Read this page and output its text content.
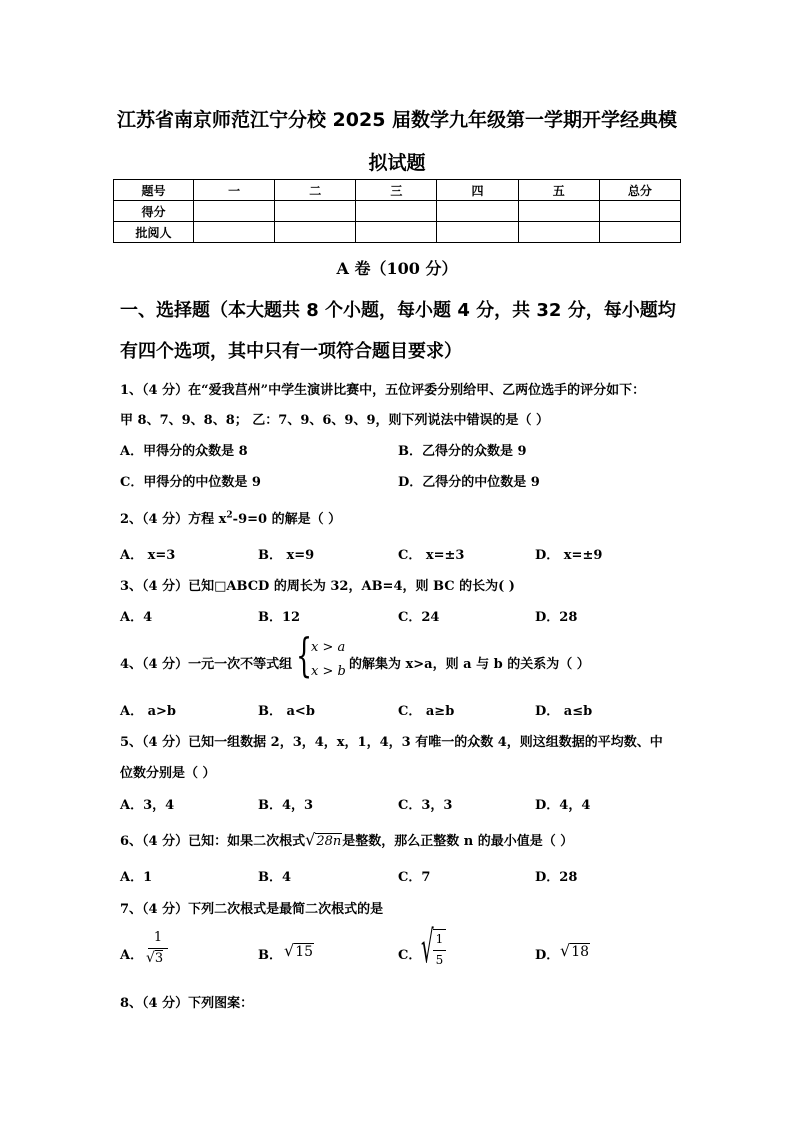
江苏省南京师范江宁分校 2025 届数学九年级第一学期开学经典模
拟试题
题号	一	二	三	四	五	总分
得分						
批阅人						
A 卷（100 分）
一、选择题（本大题共 8 个小题，每小题 4 分，共 32 分，每小题均
有四个选项，其中只有一项符合题目要求）
1、（4 分）在“爱我莒州”中学生演讲比赛中，五位评委分别给甲、乙两位选手的评分如下：
甲 8、7、9、8、8； 乙：7、9、6、9、9，则下列说法中错误的是（ ）
A．甲得分的众数是 8	B．乙得分的众数是 9
C．甲得分的中位数是 9	D．乙得分的中位数是 9
2、（4 分）方程 $x^2-9=0$ 的解是（ ）
A． x=3	B． x=9	C． x=±3	D． x=±9
3、（4 分）已知□ABCD 的周长为 32，AB=4，则 BC 的长为( )
A．4	B．12	C．24	D．28
4、（4 分）一元一次不等式组 {
x > a
x > b 的解集为 x>a，则 a 与 b 的关系为（ ）
A． a>b	B． a<b	C． a≥b	D． a≤b
5、（4 分）已知一组数据 2，3，4，x，1，4，3 有唯一的众数 4，则这组数据的平均数、中
位数分别是（ ）
A．3，4	B．4，3	C．3，3	D．4，4
6、（4 分）已知：如果二次根式√28n是整数，那么正整数 n 的最小值是（ ）
A．1	B．4	C．7	D．28
7、（4 分）下列二次根式是最简二次根式的是
A．
1
√3	B． √15	C． √ 1
5	D． √18
8、（4 分）下列图案：
